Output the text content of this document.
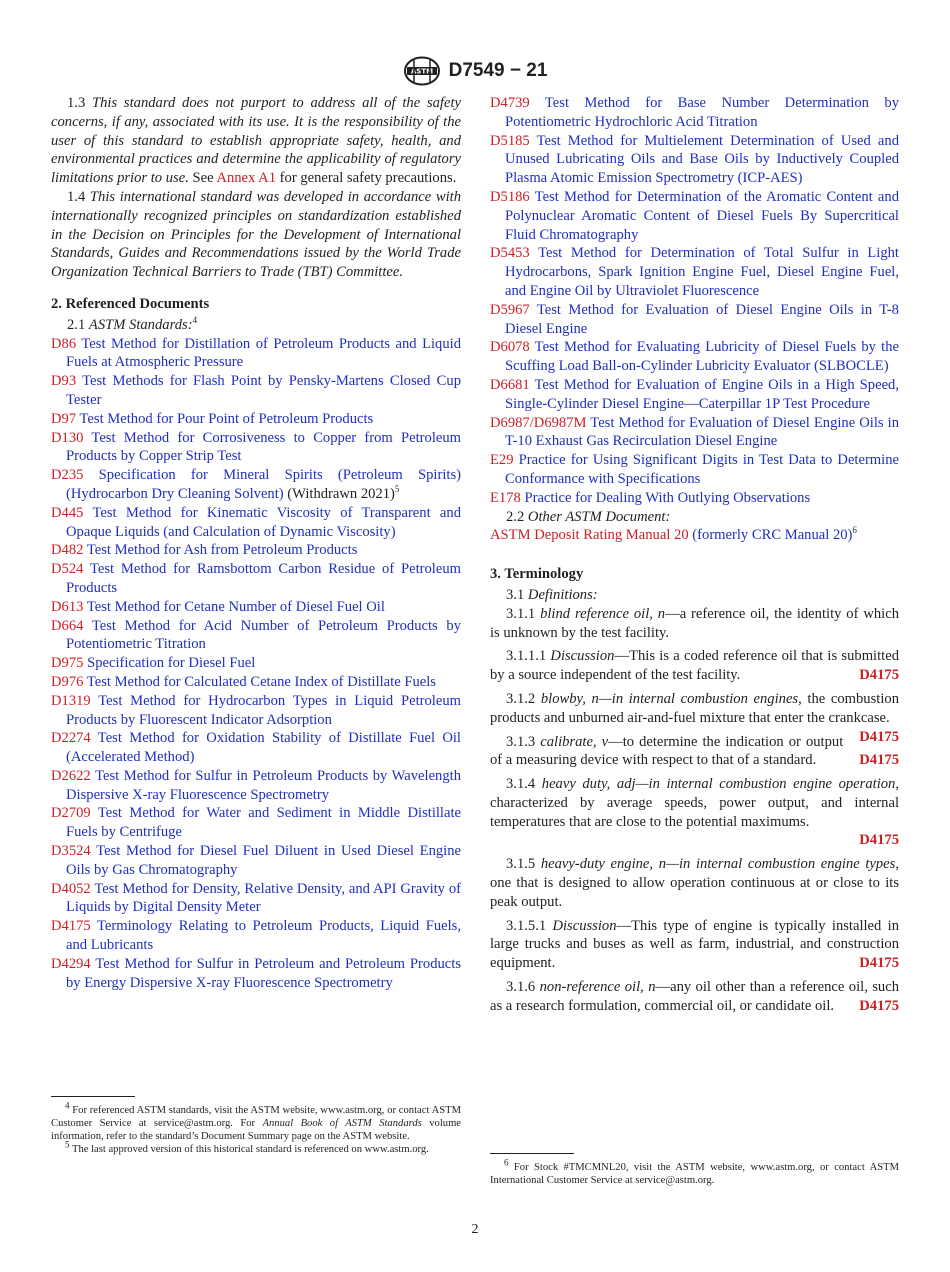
ASTM D7549 − 21

1.3 This standard does not purport to address all of the safety concerns, if any, associated with its use. It is the responsibility of the user of this standard to establish appropriate safety, health, and environmental practices and determine the applicability of regulatory limitations prior to use. See Annex A1 for general safety precautions.

1.4 This international standard was developed in accordance with internationally recognized principles on standardization established in the Decision on Principles for the Development of International Standards, Guides and Recommendations issued by the World Trade Organization Technical Barriers to Trade (TBT) Committee.

2. Referenced Documents

2.1 ASTM Standards:$^4$

D86 Test Method for Distillation of Petroleum Products and Liquid Fuels at Atmospheric Pressure

D93 Test Methods for Flash Point by Pensky-Martens Closed Cup Tester

D97 Test Method for Pour Point of Petroleum Products

D130 Test Method for Corrosiveness to Copper from Petroleum Products by Copper Strip Test

D235 Specification for Mineral Spirits (Petroleum Spirits) (Hydrocarbon Dry Cleaning Solvent) (Withdrawn 2021)$^5$

D445 Test Method for Kinematic Viscosity of Transparent and Opaque Liquids (and Calculation of Dynamic Viscosity)

D482 Test Method for Ash from Petroleum Products

D524 Test Method for Ramsbottom Carbon Residue of Petroleum Products

D613 Test Method for Cetane Number of Diesel Fuel Oil

D664 Test Method for Acid Number of Petroleum Products by Potentiometric Titration

D975 Specification for Diesel Fuel

D976 Test Method for Calculated Cetane Index of Distillate Fuels

D1319 Test Method for Hydrocarbon Types in Liquid Petroleum Products by Fluorescent Indicator Adsorption

D2274 Test Method for Oxidation Stability of Distillate Fuel Oil (Accelerated Method)

D2622 Test Method for Sulfur in Petroleum Products by Wavelength Dispersive X-ray Fluorescence Spectrometry

D2709 Test Method for Water and Sediment in Middle Distillate Fuels by Centrifuge

D3524 Test Method for Diesel Fuel Diluent in Used Diesel Engine Oils by Gas Chromatography

D4052 Test Method for Density, Relative Density, and API Gravity of Liquids by Digital Density Meter

D4175 Terminology Relating to Petroleum Products, Liquid Fuels, and Lubricants

D4294 Test Method for Sulfur in Petroleum and Petroleum Products by Energy Dispersive X-ray Fluorescence Spectrometry

$^4$ For referenced ASTM standards, visit the ASTM website, www.astm.org, or contact ASTM Customer Service at service@astm.org. For Annual Book of ASTM Standards volume information, refer to the standard’s Document Summary page on the ASTM website.

$^5$ The last approved version of this historical standard is referenced on www.astm.org.

D4739 Test Method for Base Number Determination by Potentiometric Hydrochloric Acid Titration

D5185 Test Method for Multielement Determination of Used and Unused Lubricating Oils and Base Oils by Inductively Coupled Plasma Atomic Emission Spectrometry (ICP-AES)

D5186 Test Method for Determination of the Aromatic Content and Polynuclear Aromatic Content of Diesel Fuels By Supercritical Fluid Chromatography

D5453 Test Method for Determination of Total Sulfur in Light Hydrocarbons, Spark Ignition Engine Fuel, Diesel Engine Fuel, and Engine Oil by Ultraviolet Fluorescence

D5967 Test Method for Evaluation of Diesel Engine Oils in T-8 Diesel Engine

D6078 Test Method for Evaluating Lubricity of Diesel Fuels by the Scuffing Load Ball-on-Cylinder Lubricity Evaluator (SLBOCLE)

D6681 Test Method for Evaluation of Engine Oils in a High Speed, Single-Cylinder Diesel Engine—Caterpillar 1P Test Procedure

D6987/D6987M Test Method for Evaluation of Diesel Engine Oils in T-10 Exhaust Gas Recirculation Diesel Engine

E29 Practice for Using Significant Digits in Test Data to Determine Conformance with Specifications

E178 Practice for Dealing With Outlying Observations

2.2 Other ASTM Document:

ASTM Deposit Rating Manual 20 (formerly CRC Manual 20)$^6$

3. Terminology

3.1 Definitions:

3.1.1 blind reference oil, n—a reference oil, the identity of which is unknown by the test facility.

3.1.1.1 Discussion—This is a coded reference oil that is submitted by a source independent of the test facility.	D4175

3.1.2 blowby, n—in internal combustion engines, the combustion products and unburned air-and-fuel mixture that enter the crankcase.
D4175

3.1.3 calibrate, v—to determine the indication or output of a measuring device with respect to that of a standard.	D4175

3.1.4 heavy duty, adj—in internal combustion engine operation, characterized by average speeds, power output, and internal temperatures that are close to the potential maximums.

D4175

3.1.5 heavy-duty engine, n—in internal combustion engine types, one that is designed to allow operation continuous at or close to its peak output.

3.1.5.1 Discussion—This type of engine is typically installed in large trucks and buses as well as farm, industrial, and construction equipment.	D4175

3.1.6 non-reference oil, n—any oil other than a reference oil, such as a research formulation, commercial oil, or candidate oil.	D4175

$^6$ For Stock #TMCMNL20, visit the ASTM website, www.astm.org, or contact ASTM International Customer Service at service@astm.org.

2
